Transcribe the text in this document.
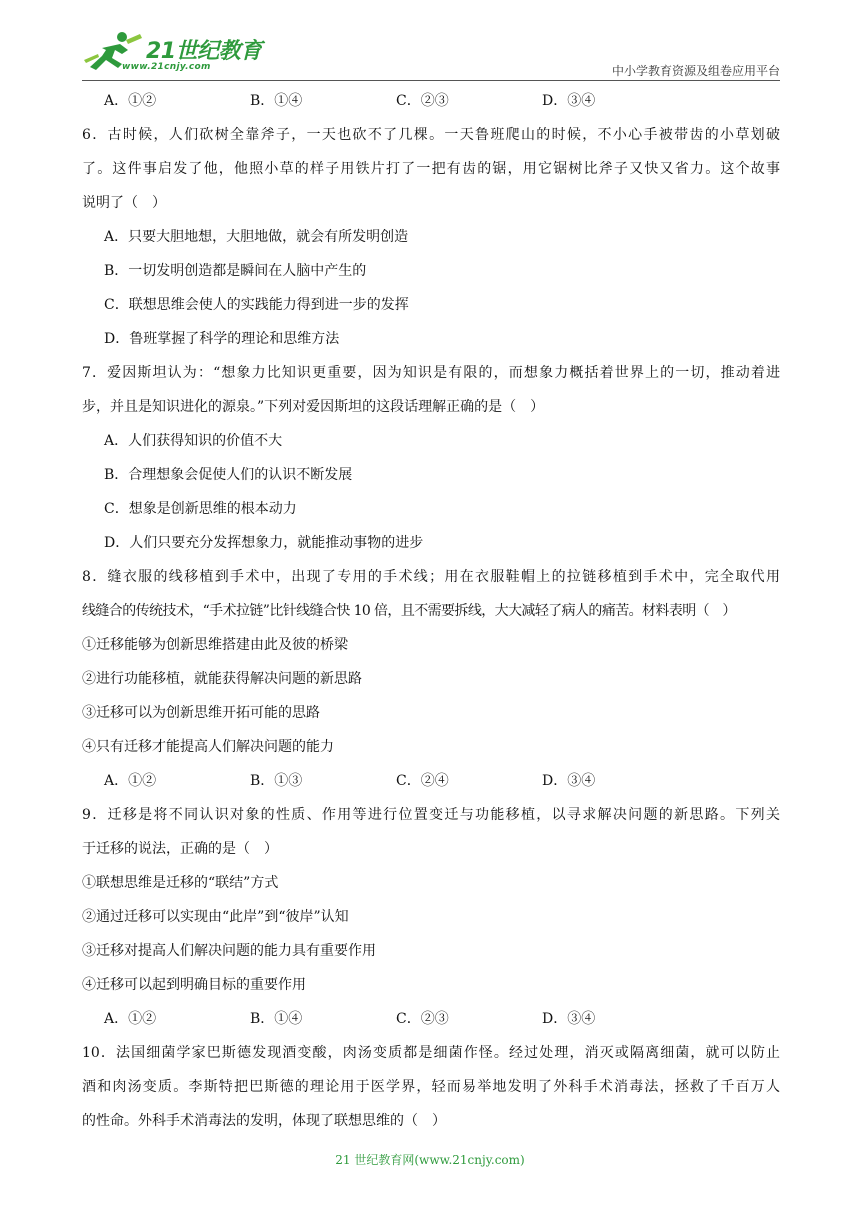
21世纪教育
www.21cnjy.com	中小学教育资源及组卷应用平台
A．①②	B．①④	C．②③	D．③④
6．古时候，人们砍树全靠斧子，一天也砍不了几棵。一天鲁班爬山的时候，不小心手被带齿的小草划破
了。这件事启发了他，他照小草的样子用铁片打了一把有齿的锯，用它锯树比斧子又快又省力。这个故事
说明了（　）
A．只要大胆地想，大胆地做，就会有所发明创造
B．一切发明创造都是瞬间在人脑中产生的
C．联想思维会使人的实践能力得到进一步的发挥
D．鲁班掌握了科学的理论和思维方法
7．爱因斯坦认为：“想象力比知识更重要，因为知识是有限的，而想象力概括着世界上的一切，推动着进
步，并且是知识进化的源泉。”下列对爱因斯坦的这段话理解正确的是（　）
A．人们获得知识的价值不大
B．合理想象会促使人们的认识不断发展
C．想象是创新思维的根本动力
D．人们只要充分发挥想象力，就能推动事物的进步
8．缝衣服的线移植到手术中，出现了专用的手术线；用在衣服鞋帽上的拉链移植到手术中，完全取代用
线缝合的传统技术，“手术拉链”比针线缝合快 10 倍，且不需要拆线，大大减轻了病人的痛苦。材料表明（　）
①迁移能够为创新思维搭建由此及彼的桥梁
②进行功能移植，就能获得解决问题的新思路
③迁移可以为创新思维开拓可能的思路
④只有迁移才能提高人们解决问题的能力
A．①②	B．①③	C．②④	D．③④
9．迁移是将不同认识对象的性质、作用等进行位置变迁与功能移植，以寻求解决问题的新思路。下列关
于迁移的说法，正确的是（　）
①联想思维是迁移的“联结”方式
②通过迁移可以实现由“此岸”到“彼岸”认知
③迁移对提高人们解决问题的能力具有重要作用
④迁移可以起到明确目标的重要作用
A．①②	B．①④	C．②③	D．③④
10．法国细菌学家巴斯德发现酒变酸，肉汤变质都是细菌作怪。经过处理，消灭或隔离细菌，就可以防止
酒和肉汤变质。李斯特把巴斯德的理论用于医学界，轻而易举地发明了外科手术消毒法，拯救了千百万人
的性命。外科手术消毒法的发明，体现了联想思维的（　）
21 世纪教育网(www.21cnjy.com)
